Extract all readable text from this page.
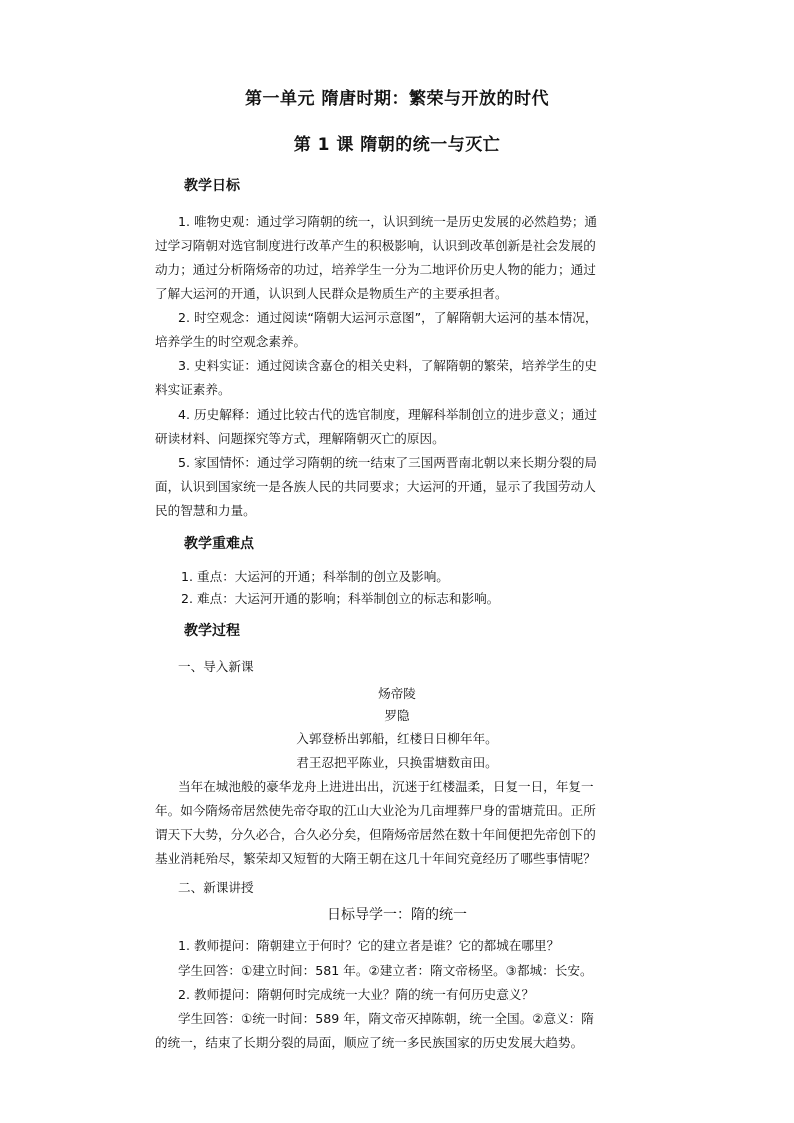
第一单元 隋唐时期：繁荣与开放的时代
第 1 课 隋朝的统一与灭亡
教学日标
1. 唯物史观：通过学习隋朝的统一，认识到统一是历史发展的必然趋势；通
过学习隋朝对选官制度进行改革产生的积极影响，认识到改革创新是社会发展的
动力；通过分析隋炀帝的功过，培养学生一分为二地评价历史人物的能力；通过
了解大运河的开通，认识到人民群众是物质生产的主要承担者。
2. 时空观念：通过阅读“隋朝大运河示意图”，了解隋朝大运河的基本情况，
培养学生的时空观念素养。
3. 史料实证：通过阅读含嘉仓的相关史料，了解隋朝的繁荣，培养学生的史
料实证素养。
4. 历史解释：通过比较古代的选官制度，理解科举制创立的进步意义；通过
研读材料、问题探究等方式，理解隋朝灭亡的原因。
5. 家国情怀：通过学习隋朝的统一结束了三国两晋南北朝以来长期分裂的局
面，认识到国家统一是各族人民的共同要求；大运河的开通，显示了我国劳动人
民的智慧和力量。
教学重难点
1. 重点：大运河的开通；科举制的创立及影响。
2. 难点：大运河开通的影响；科举制创立的标志和影响。
教学过程
一、导入新课
炀帝陵
罗隐
入郭登桥出郭船，红楼日日柳年年。
君王忍把平陈业，只换雷塘数亩田。
当年在城池般的豪华龙舟上进进出出，沉迷于红楼温柔，日复一日，年复一
年。如今隋炀帝居然使先帝夺取的江山大业沦为几亩埋葬尸身的雷塘荒田。正所
谓天下大势，分久必合，合久必分矣，但隋炀帝居然在数十年间便把先帝创下的
基业消耗殆尽，繁荣却又短暂的大隋王朝在这几十年间究竟经历了哪些事情呢？
二、新课讲授
日标导学一：隋的统一
1. 教师提问：隋朝建立于何时？它的建立者是谁？它的都城在哪里？
学生回答：①建立时间：581 年。②建立者：隋文帝杨坚。③都城：长安。
2. 教师提问：隋朝何时完成统一大业？隋的统一有何历史意义？
学生回答：①统一时间：589 年，隋文帝灭掉陈朝，统一全国。②意义：隋
的统一，结束了长期分裂的局面，顺应了统一多民族国家的历史发展大趋势。
